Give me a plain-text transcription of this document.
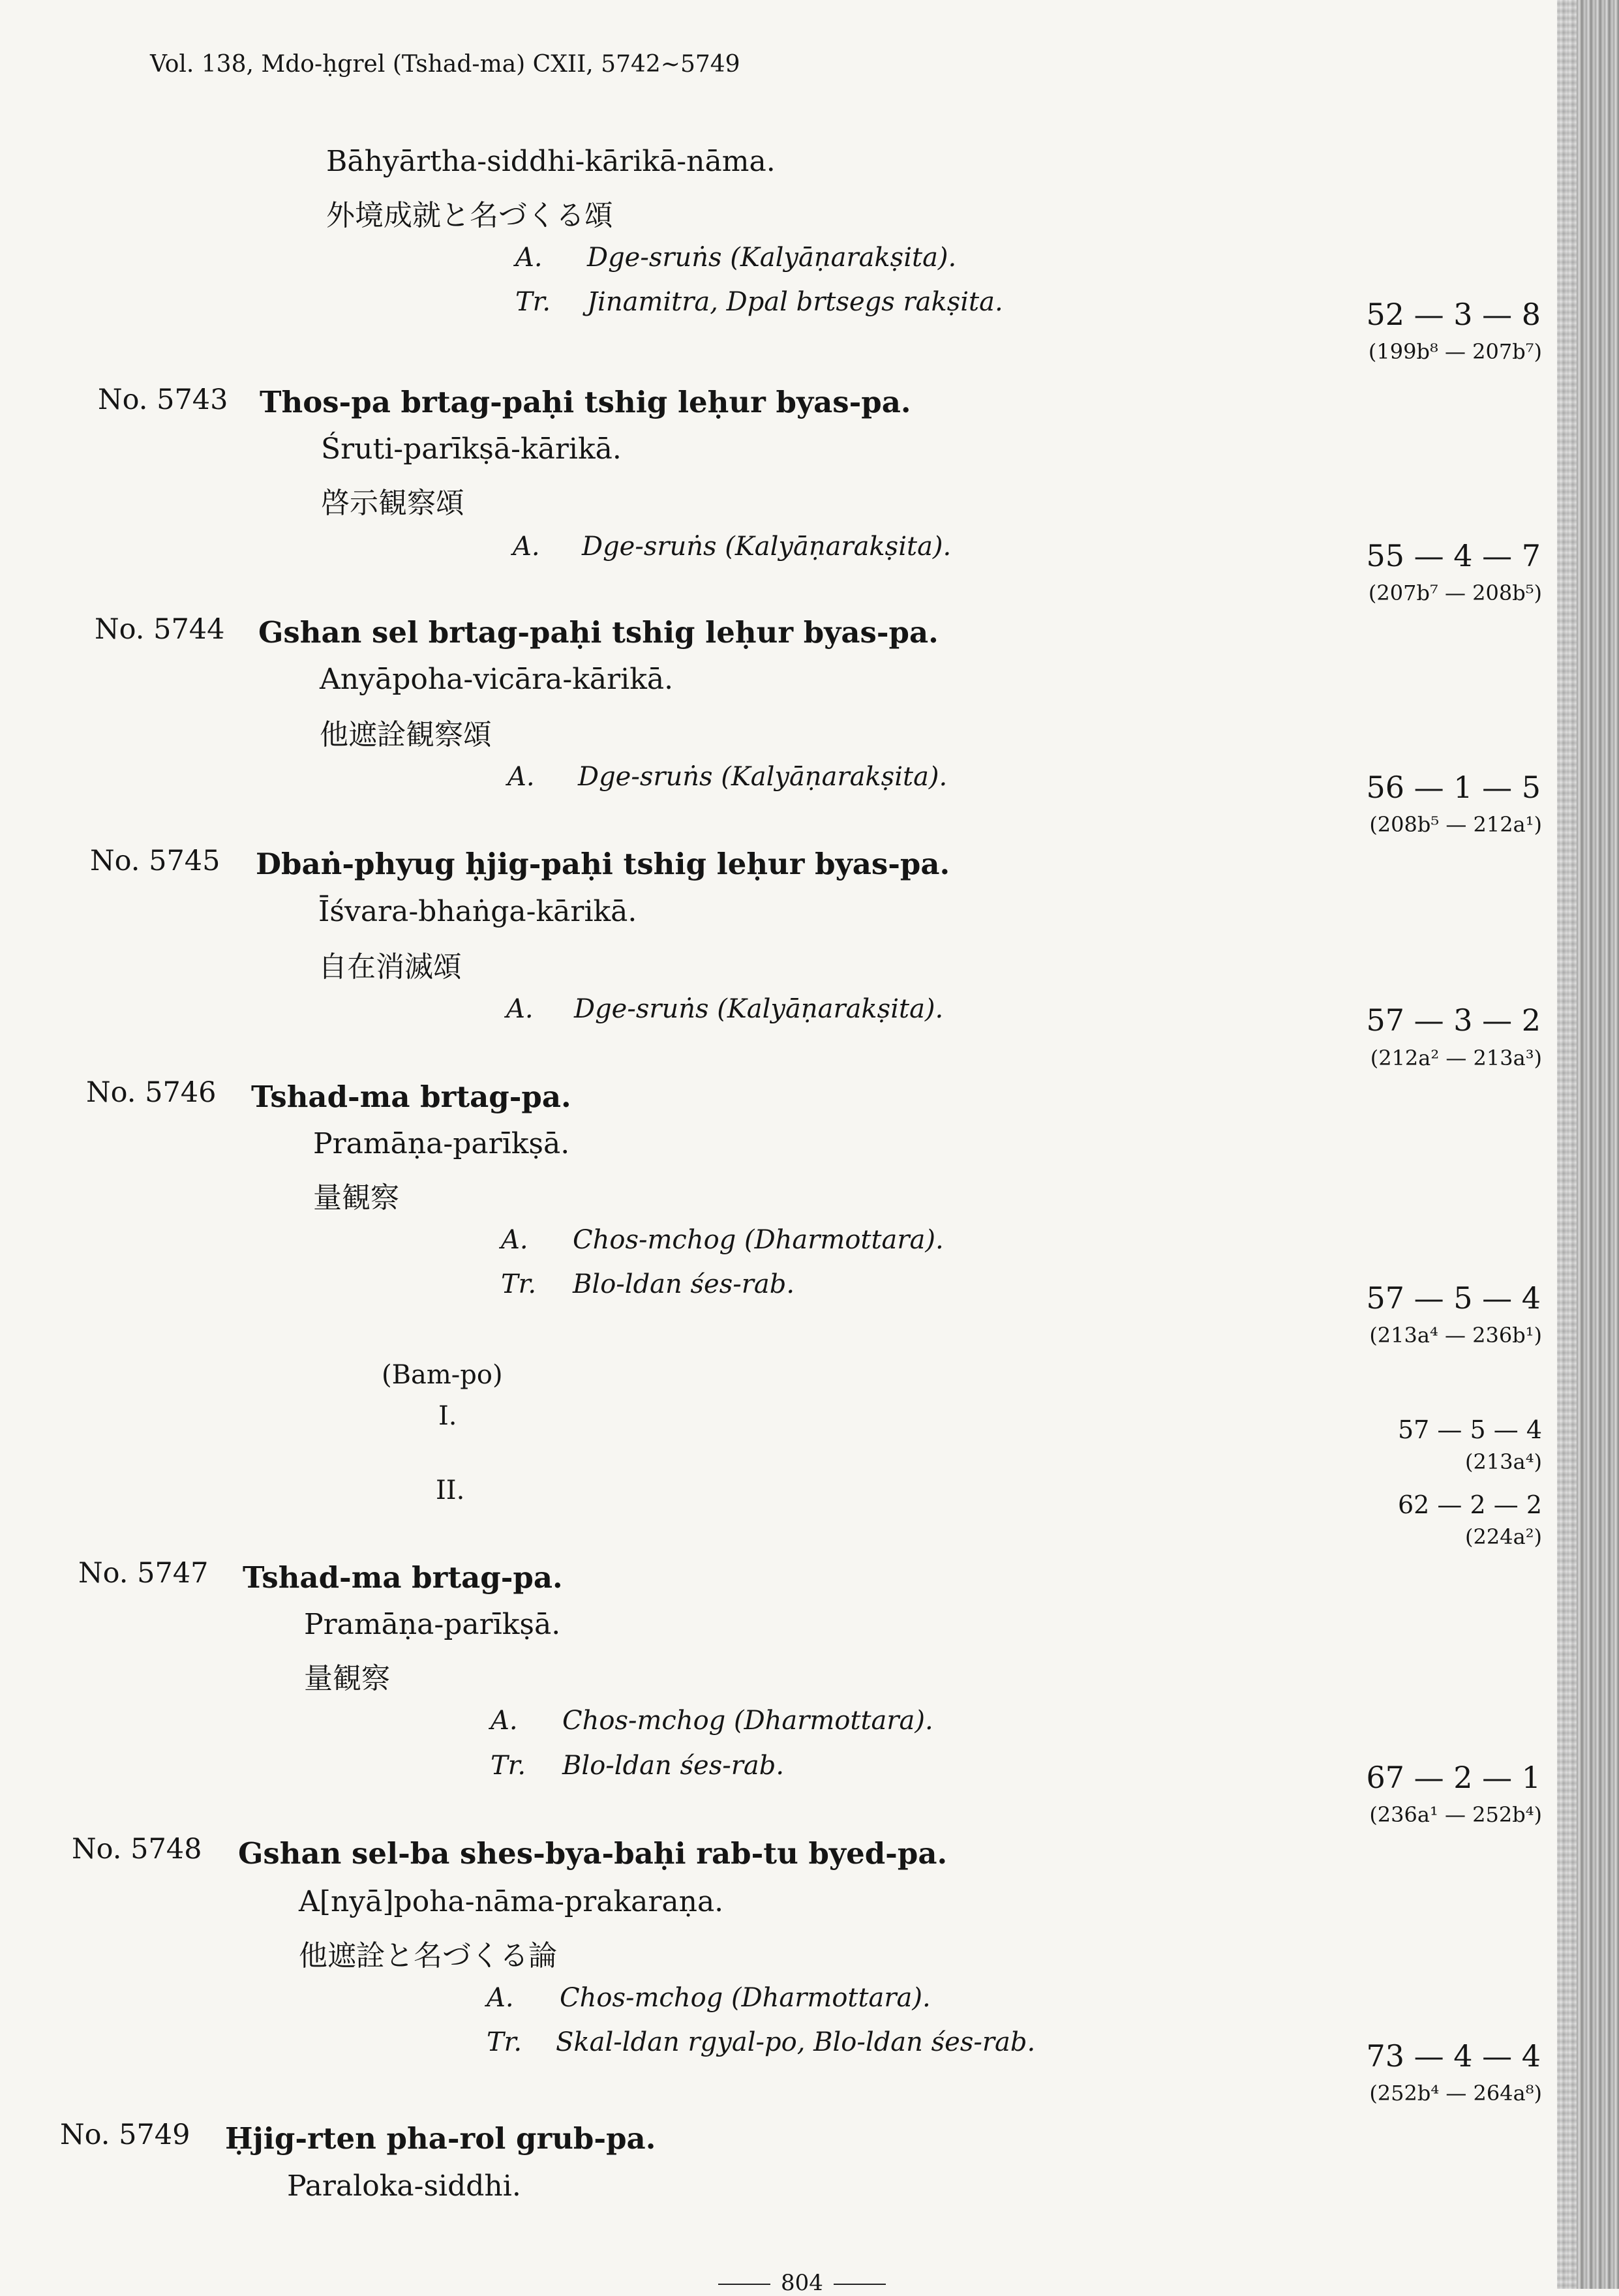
Vol. 138, Mdo-ḥgrel (Tshad-ma) CXII, 5742∼5749
Bāhyārtha-siddhi-kārikā-nāma.
外境成就と名づくる頌
A. Dge-sruṅs (Kalyāṇarakṣita).
Tr. Jinamitra, Dpal brtsegs rakṣita.	52 — 3 — 8
(199b⁸ — 207b⁷)
No. 5743 Thos-pa brtag-paḥi tshig leḥur byas-pa.
Śruti-parīkṣā-kārikā.
啓示観察頌
A. Dge-sruṅs (Kalyāṇarakṣita).	55 — 4 — 7
(207b⁷ — 208b⁵)
No. 5744 Gshan sel brtag-paḥi tshig leḥur byas-pa.
Anyāpoha-vicāra-kārikā.
他遮詮観察頌
A. Dge-sruṅs (Kalyāṇarakṣita).	56 — 1 — 5
(208b⁵ — 212a¹)
No. 5745 Dbaṅ-phyug ḥjig-paḥi tshig leḥur byas-pa.
Īśvara-bhaṅga-kārikā.
自在消滅頌
A. Dge-sruṅs (Kalyāṇarakṣita).	57 — 3 — 2
(212a² — 213a³)
No. 5746 Tshad-ma brtag-pa.
Pramāṇa-parīkṣā.
量観察
A. Chos-mchog (Dharmottara).
Tr. Blo-ldan śes-rab.	57 — 5 — 4
(213a⁴ — 236b¹)
(Bam-po)
I.	57 — 5 — 4
(213a⁴)
II.	62 — 2 — 2
(224a²)
No. 5747 Tshad-ma brtag-pa.
Pramāṇa-parīkṣā.
量観察
A. Chos-mchog (Dharmottara).
Tr. Blo-ldan śes-rab.	67 — 2 — 1
(236a¹ — 252b⁴)
No. 5748 Gshan sel-ba shes-bya-baḥi rab-tu byed-pa.
A[nyā]poha-nāma-prakaraṇa.
他遮詮と名づくる論
A. Chos-mchog (Dharmottara).
Tr. Skal-ldan rgyal-po, Blo-ldan śes-rab.	73 — 4 — 4
(252b⁴ — 264a⁸)
No. 5749 Ḥjig-rten pha-rol grub-pa.
Paraloka-siddhi.
804
